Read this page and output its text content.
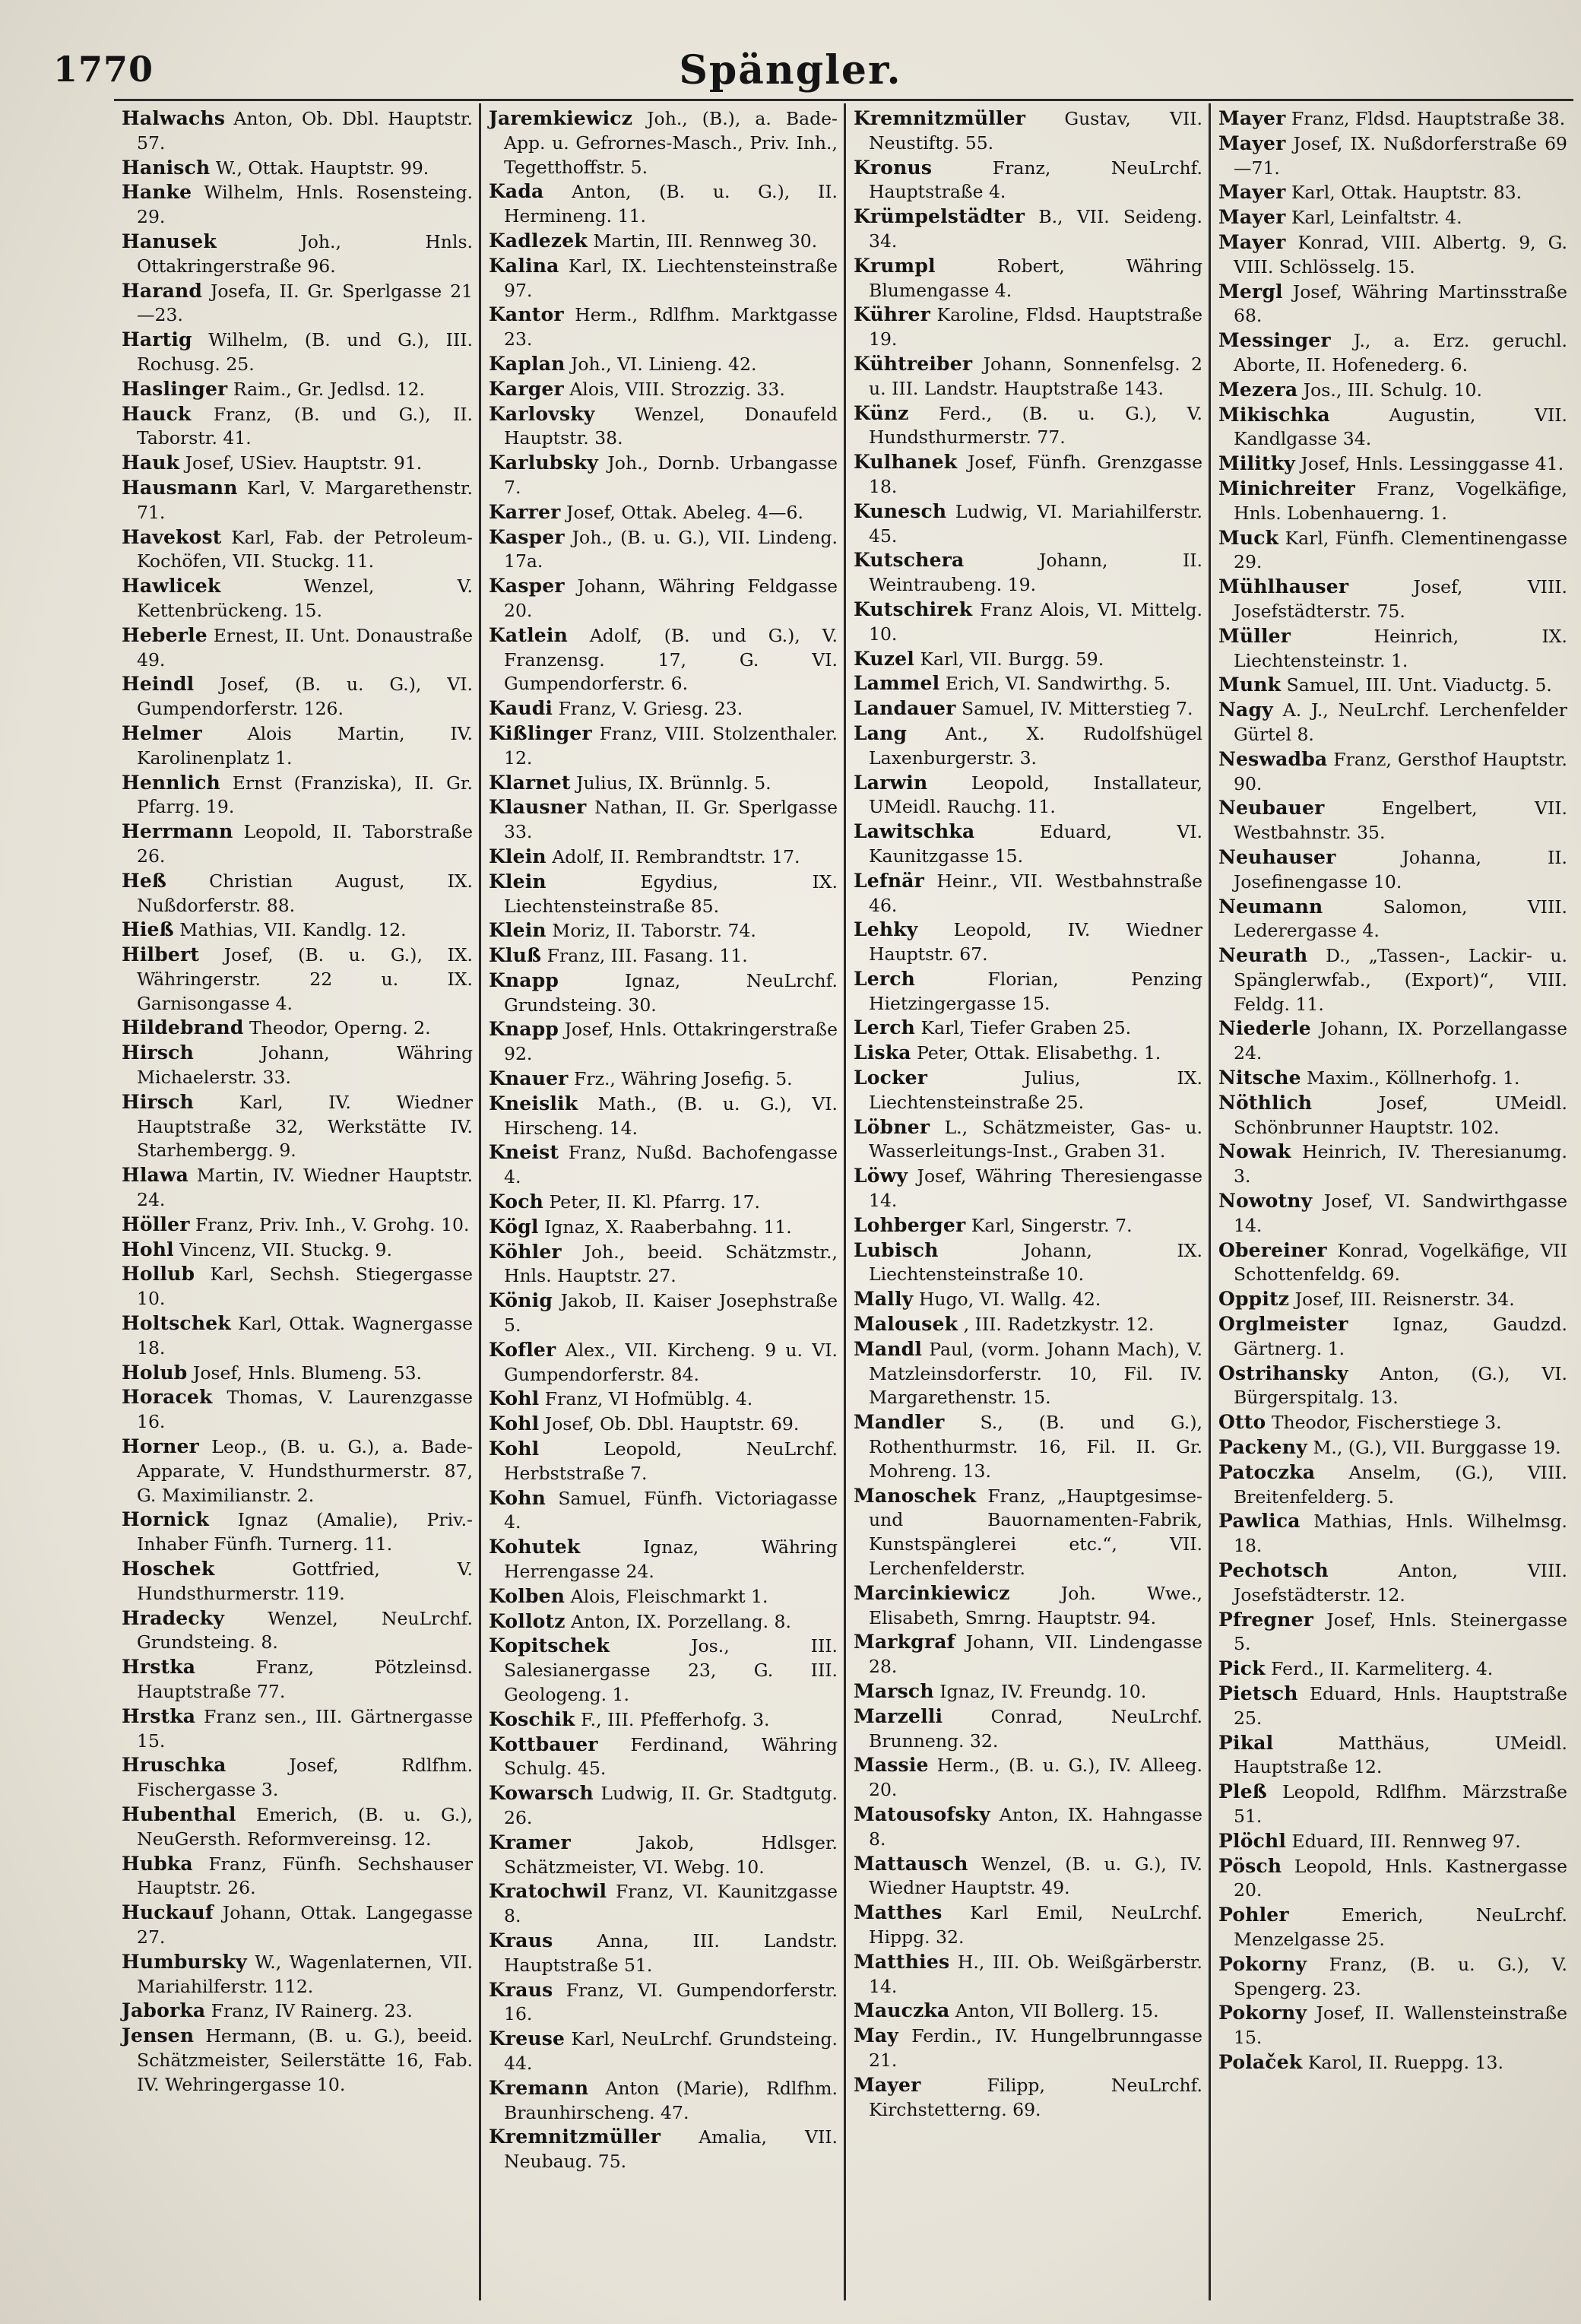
1770	Spängler.

Halwachs Anton, Ob. Dbl. Hauptstr. 57.

Hanisch W., Ottak. Hauptstr. 99.

Hanke Wilhelm, Hnls. Rosensteing. 29.

Hanusek Joh., Hnls. Ottakringerstraße 96.

Harand Josefa, II. Gr. Sperlgasse 21—23.

Hartig Wilhelm, (B. und G.), III. Rochusg. 25.

Haslinger Raim., Gr. Jedlsd. 12.

Hauck Franz, (B. und G.), II. Taborstr. 41.

Hauk Josef, USiev. Hauptstr. 91.

Hausmann Karl, V. Margarethenstr. 71.

Havekost Karl, Fab. der Petroleum-Kochöfen, VII. Stuckg. 11.

Hawlicek Wenzel, V. Kettenbrückeng. 15.

Heberle Ernest, II. Unt. Donaustraße 49.

Heindl Josef, (B. u. G.), VI. Gumpendorferstr. 126.

Helmer Alois Martin, IV. Karolinenplatz 1.

Hennlich Ernst (Franziska), II. Gr. Pfarrg. 19.

Herrmann Leopold, II. Taborstraße 26.

Heß Christian August, IX. Nußdorferstr. 88.

Hieß Mathias, VII. Kandlg. 12.

Hilbert Josef, (B. u. G.), IX. Währingerstr. 22 u. IX. Garnisongasse 4.

Hildebrand Theodor, Operng. 2.

Hirsch Johann, Währing Michaelerstr. 33.

Hirsch Karl, IV. Wiedner Hauptstraße 32, Werkstätte IV. Starhembergg. 9.

Hlawa Martin, IV. Wiedner Hauptstr. 24.

Höller Franz, Priv. Inh., V. Grohg. 10.

Hohl Vincenz, VII. Stuckg. 9.

Hollub Karl, Sechsh. Stiegergasse 10.

Holtschek Karl, Ottak. Wagnergasse 18.

Holub Josef, Hnls. Blumeng. 53.

Horacek Thomas, V. Laurenzgasse 16.

Horner Leop., (B. u. G.), a. Bade-Apparate, V. Hundsthurmerstr. 87, G. Maximilianstr. 2.

Hornick Ignaz (Amalie), Priv.-Inhaber Fünfh. Turnerg. 11.

Hoschek Gottfried, V. Hundsthurmerstr. 119.

Hradecky Wenzel, NeuLrchf. Grundsteing. 8.

Hrstka Franz, Pötzleinsd. Hauptstraße 77.

Hrstka Franz sen., III. Gärtnergasse 15.

Hruschka Josef, Rdlfhm. Fischergasse 3.

Hubenthal Emerich, (B. u. G.), NeuGersth. Reformvereinsg. 12.

Hubka Franz, Fünfh. Sechshauser Hauptstr. 26.

Huckauf Johann, Ottak. Langegasse 27.

Humbursky W., Wagenlaternen, VII. Mariahilferstr. 112.

Jaborka Franz, IV Rainerg. 23.

Jensen Hermann, (B. u. G.), beeid. Schätzmeister, Seilerstätte 16, Fab. IV. Wehringergasse 10.

Jaremkiewicz Joh., (B.), a. Bade-App. u. Gefrornes-Masch., Priv. Inh., Tegetthoffstr. 5.

Kada Anton, (B. u. G.), II. Hermineng. 11.

Kadlezek Martin, III. Rennweg 30.

Kalina Karl, IX. Liechtensteinstraße 97.

Kantor Herm., Rdlfhm. Marktgasse 23.

Kaplan Joh., VI. Linieng. 42.

Karger Alois, VIII. Strozzig. 33.

Karlovsky Wenzel, Donaufeld Hauptstr. 38.

Karlubsky Joh., Dornb. Urbangasse 7.

Karrer Josef, Ottak. Abeleg. 4—6.

Kasper Joh., (B. u. G.), VII. Lindeng. 17a.

Kasper Johann, Währing Feldgasse 20.

Katlein Adolf, (B. und G.), V. Franzensg. 17, G. VI. Gumpendorferstr. 6.

Kaudi Franz, V. Griesg. 23.

Kißlinger Franz, VIII. Stolzenthaler. 12.

Klarnet Julius, IX. Brünnlg. 5.

Klausner Nathan, II. Gr. Sperlgasse 33.

Klein Adolf, II. Rembrandtstr. 17.

Klein Egydius, IX. Liechtensteinstraße 85.

Klein Moriz, II. Taborstr. 74.

Kluß Franz, III. Fasang. 11.

Knapp Ignaz, NeuLrchf. Grundsteing. 30.

Knapp Josef, Hnls. Ottakringerstraße 92.

Knauer Frz., Währing Josefig. 5.

Kneislik Math., (B. u. G.), VI. Hirscheng. 14.

Kneist Franz, Nußd. Bachofengasse 4.

Koch Peter, II. Kl. Pfarrg. 17.

Kögl Ignaz, X. Raaberbahng. 11.

Köhler Joh., beeid. Schätzmstr., Hnls. Hauptstr. 27.

König Jakob, II. Kaiser Josephstraße 5.

Kofler Alex., VII. Kircheng. 9 u. VI. Gumpendorferstr. 84.

Kohl Franz, VI Hofmüblg. 4.

Kohl Josef, Ob. Dbl. Hauptstr. 69.

Kohl Leopold, NeuLrchf. Herbststraße 7.

Kohn Samuel, Fünfh. Victoriagasse 4.

Kohutek Ignaz, Währing Herrengasse 24.

Kolben Alois, Fleischmarkt 1.

Kollotz Anton, IX. Porzellang. 8.

Kopitschek Jos., III. Salesianergasse 23, G. III. Geologeng. 1.

Koschik F., III. Pfefferhofg. 3.

Kottbauer Ferdinand, Währing Schulg. 45.

Kowarsch Ludwig, II. Gr. Stadtgutg. 26.

Kramer Jakob, Hdlsger. Schätzmeister, VI. Webg. 10.

Kratochwil Franz, VI. Kaunitzgasse 8.

Kraus Anna, III. Landstr. Hauptstraße 51.

Kraus Franz, VI. Gumpendorferstr. 16.

Kreuse Karl, NeuLrchf. Grundsteing. 44.

Kremann Anton (Marie), Rdlfhm. Braunhirscheng. 47.

Kremnitzmüller Amalia, VII. Neubaug. 75.

Kremnitzmüller Gustav, VII. Neustiftg. 55.

Kronus Franz, NeuLrchf. Hauptstraße 4.

Krümpelstädter B., VII. Seideng. 34.

Krumpl Robert, Währing Blumengasse 4.

Kührer Karoline, Fldsd. Hauptstraße 19.

Kühtreiber Johann, Sonnenfelsg. 2 u. III. Landstr. Hauptstraße 143.

Künz Ferd., (B. u. G.), V. Hundsthurmerstr. 77.

Kulhanek Josef, Fünfh. Grenzgasse 18.

Kunesch Ludwig, VI. Mariahilferstr. 45.

Kutschera Johann, II. Weintraubeng. 19.

Kutschirek Franz Alois, VI. Mittelg. 10.

Kuzel Karl, VII. Burgg. 59.

Lammel Erich, VI. Sandwirthg. 5.

Landauer Samuel, IV. Mitterstieg 7.

Lang Ant., X. Rudolfshügel Laxenburgerstr. 3.

Larwin Leopold, Installateur, UMeidl. Rauchg. 11.

Lawitschka Eduard, VI. Kaunitzgasse 15.

Lefnär Heinr., VII. Westbahnstraße 46.

Lehky Leopold, IV. Wiedner Hauptstr. 67.

Lerch Florian, Penzing Hietzingergasse 15.

Lerch Karl, Tiefer Graben 25.

Liska Peter, Ottak. Elisabethg. 1.

Locker Julius, IX. Liechtensteinstraße 25.

Löbner L., Schätzmeister, Gas- u. Wasserleitungs-Inst., Graben 31.

Löwy Josef, Währing Theresiengasse 14.

Lohberger Karl, Singerstr. 7.

Lubisch Johann, IX. Liechtensteinstraße 10.

Mally Hugo, VI. Wallg. 42.

Malousek , III. Radetzkystr. 12.

Mandl Paul, (vorm. Johann Mach), V. Matzleinsdorferstr. 10, Fil. IV. Margarethenstr. 15.

Mandler S., (B. und G.), Rothenthurmstr. 16, Fil. II. Gr. Mohreng. 13.

Manoschek Franz, „Hauptgesimse- und Bauornamenten-Fabrik, Kunstspänglerei etc.“, VII. Lerchenfelderstr.

Marcinkiewicz Joh. Wwe., Elisabeth, Smrng. Hauptstr. 94.

Markgraf Johann, VII. Lindengasse 28.

Marsch Ignaz, IV. Freundg. 10.

Marzelli Conrad, NeuLrchf. Brunneng. 32.

Massie Herm., (B. u. G.), IV. Alleeg. 20.

Matousofsky Anton, IX. Hahngasse 8.

Mattausch Wenzel, (B. u. G.), IV. Wiedner Hauptstr. 49.

Matthes Karl Emil, NeuLrchf. Hippg. 32.

Matthies H., III. Ob. Weißgärberstr. 14.

Mauczka Anton, VII Bollerg. 15.

May Ferdin., IV. Hungelbrunngasse 21.

Mayer Filipp, NeuLrchf. Kirchstetterng. 69.

Mayer Franz, Fldsd. Hauptstraße 38.

Mayer Josef, IX. Nußdorferstraße 69—71.

Mayer Karl, Ottak. Hauptstr. 83.

Mayer Karl, Leinfaltstr. 4.

Mayer Konrad, VIII. Albertg. 9, G. VIII. Schlösselg. 15.

Mergl Josef, Währing Martinsstraße 68.

Messinger J., a. Erz. geruchl. Aborte, II. Hofenederg. 6.

Mezera Jos., III. Schulg. 10.

Mikischka Augustin, VII. Kandlgasse 34.

Militky Josef, Hnls. Lessinggasse 41.

Minichreiter Franz, Vogelkäfige, Hnls. Lobenhauerng. 1.

Muck Karl, Fünfh. Clementinengasse 29.

Mühlhauser Josef, VIII. Josefstädterstr. 75.

Müller Heinrich, IX. Liechtensteinstr. 1.

Munk Samuel, III. Unt. Viaductg. 5.

Nagy A. J., NeuLrchf. Lerchenfelder Gürtel 8.

Neswadba Franz, Gersthof Hauptstr. 90.

Neubauer Engelbert, VII. Westbahnstr. 35.

Neuhauser Johanna, II. Josefinengasse 10.

Neumann Salomon, VIII. Lederergasse 4.

Neurath D., „Tassen-, Lackir- u. Spänglerwfab., (Export)“, VIII. Feldg. 11.

Niederle Johann, IX. Porzellangasse 24.

Nitsche Maxim., Köllnerhofg. 1.

Nöthlich Josef, UMeidl. Schönbrunner Hauptstr. 102.

Nowak Heinrich, IV. Theresianumg. 3.

Nowotny Josef, VI. Sandwirthgasse 14.

Obereiner Konrad, Vogelkäfige, VII Schottenfeldg. 69.

Oppitz Josef, III. Reisnerstr. 34.

Orglmeister Ignaz, Gaudzd. Gärtnerg. 1.

Ostrihansky Anton, (G.), VI. Bürgerspitalg. 13.

Otto Theodor, Fischerstiege 3.

Packeny M., (G.), VII. Burggasse 19.

Patoczka Anselm, (G.), VIII. Breitenfelderg. 5.

Pawlica Mathias, Hnls. Wilhelmsg. 18.

Pechotsch Anton, VIII. Josefstädterstr. 12.

Pfregner Josef, Hnls. Steinergasse 5.

Pick Ferd., II. Karmeliterg. 4.

Pietsch Eduard, Hnls. Hauptstraße 25.

Pikal Matthäus, UMeidl. Hauptstraße 12.

Pleß Leopold, Rdlfhm. Märzstraße 51.

Plöchl Eduard, III. Rennweg 97.

Pösch Leopold, Hnls. Kastnergasse 20.

Pohler Emerich, NeuLrchf. Menzelgasse 25.

Pokorny Franz, (B. u. G.), V. Spengerg. 23.

Pokorny Josef, II. Wallensteinstraße 15.

Polaček Karol, II. Rueppg. 13.
